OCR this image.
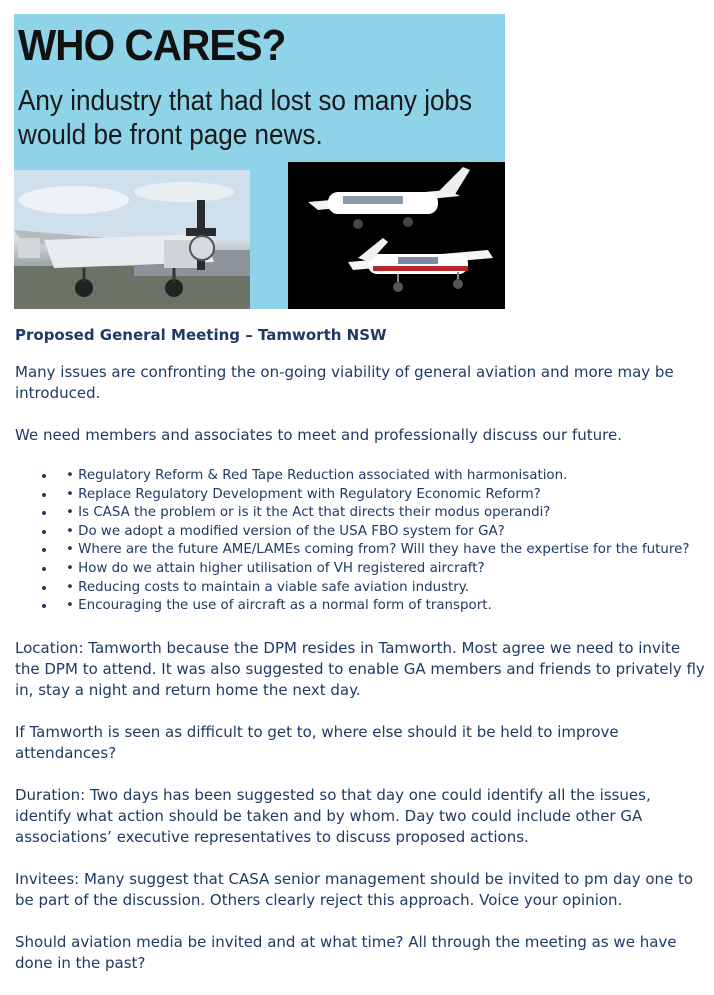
WHO CARES?

Any industry that had lost so many jobs would be front page news.

Proposed General Meeting – Tamworth NSW

Many issues are confronting the on-going viability of general aviation and more may be introduced.

We need members and associates to meet and professionally discuss our future.

• • Regulatory Reform & Red Tape Reduction associated with harmonisation.
• • Replace Regulatory Development with Regulatory Economic Reform?
• • Is CASA the problem or is it the Act that directs their modus operandi?
• • Do we adopt a modified version of the USA FBO system for GA?
• • Where are the future AME/LAMEs coming from? Will they have the expertise for the future?
• • How do we attain higher utilisation of VH registered aircraft?
• • Reducing costs to maintain a viable safe aviation industry.
• • Encouraging the use of aircraft as a normal form of transport.

Location: Tamworth because the DPM resides in Tamworth. Most agree we need to invite the DPM to attend. It was also suggested to enable GA members and friends to privately fly in, stay a night and return home the next day.

If Tamworth is seen as difficult to get to, where else should it be held to improve attendances?

Duration: Two days has been suggested so that day one could identify all the issues, identify what action should be taken and by whom. Day two could include other GA associations’ executive representatives to discuss proposed actions.

Invitees: Many suggest that CASA senior management should be invited to pm day one to be part of the discussion. Others clearly reject this approach. Voice your opinion.

Should aviation media be invited and at what time? All through the meeting as we have done in the past?
